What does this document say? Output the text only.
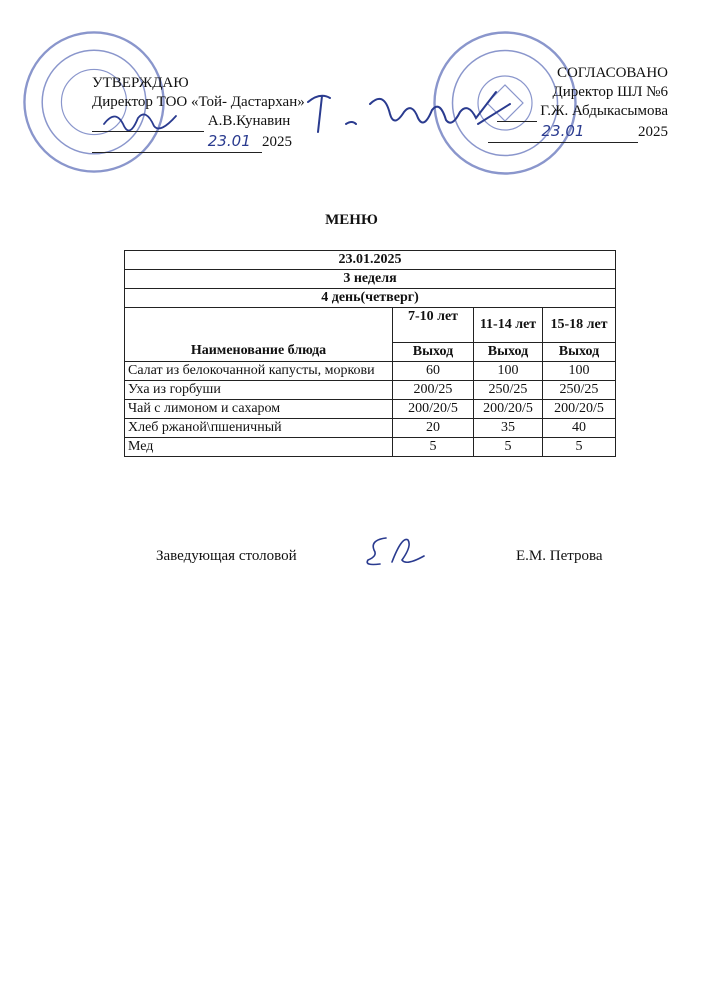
УТВЕРЖДАЮ
Директор ТОО «Той- Дастархан»
А.В.Кунавин
23.01 2025
СОГЛАСОВАНО
Директор ШЛ №6
Г.Ж. Абдыкасымова
23.01	2025
МЕНЮ
23.01.2025			
3 неделя			
4 день(четверг)			
	7-10 лет	11-14 лет	15-18 лет
Наименование блюда	Выход	Выход	Выход
Салат из белокочанной капусты, моркови	60	100	100
Уха из горбуши	200/25	250/25	250/25
Чай с лимоном и сахаром	200/20/5	200/20/5	200/20/5
Хлеб ржаной\пшеничный	20	35	40
Мед	5	5	5
Заведующая столовой	Е.М. Петрова
